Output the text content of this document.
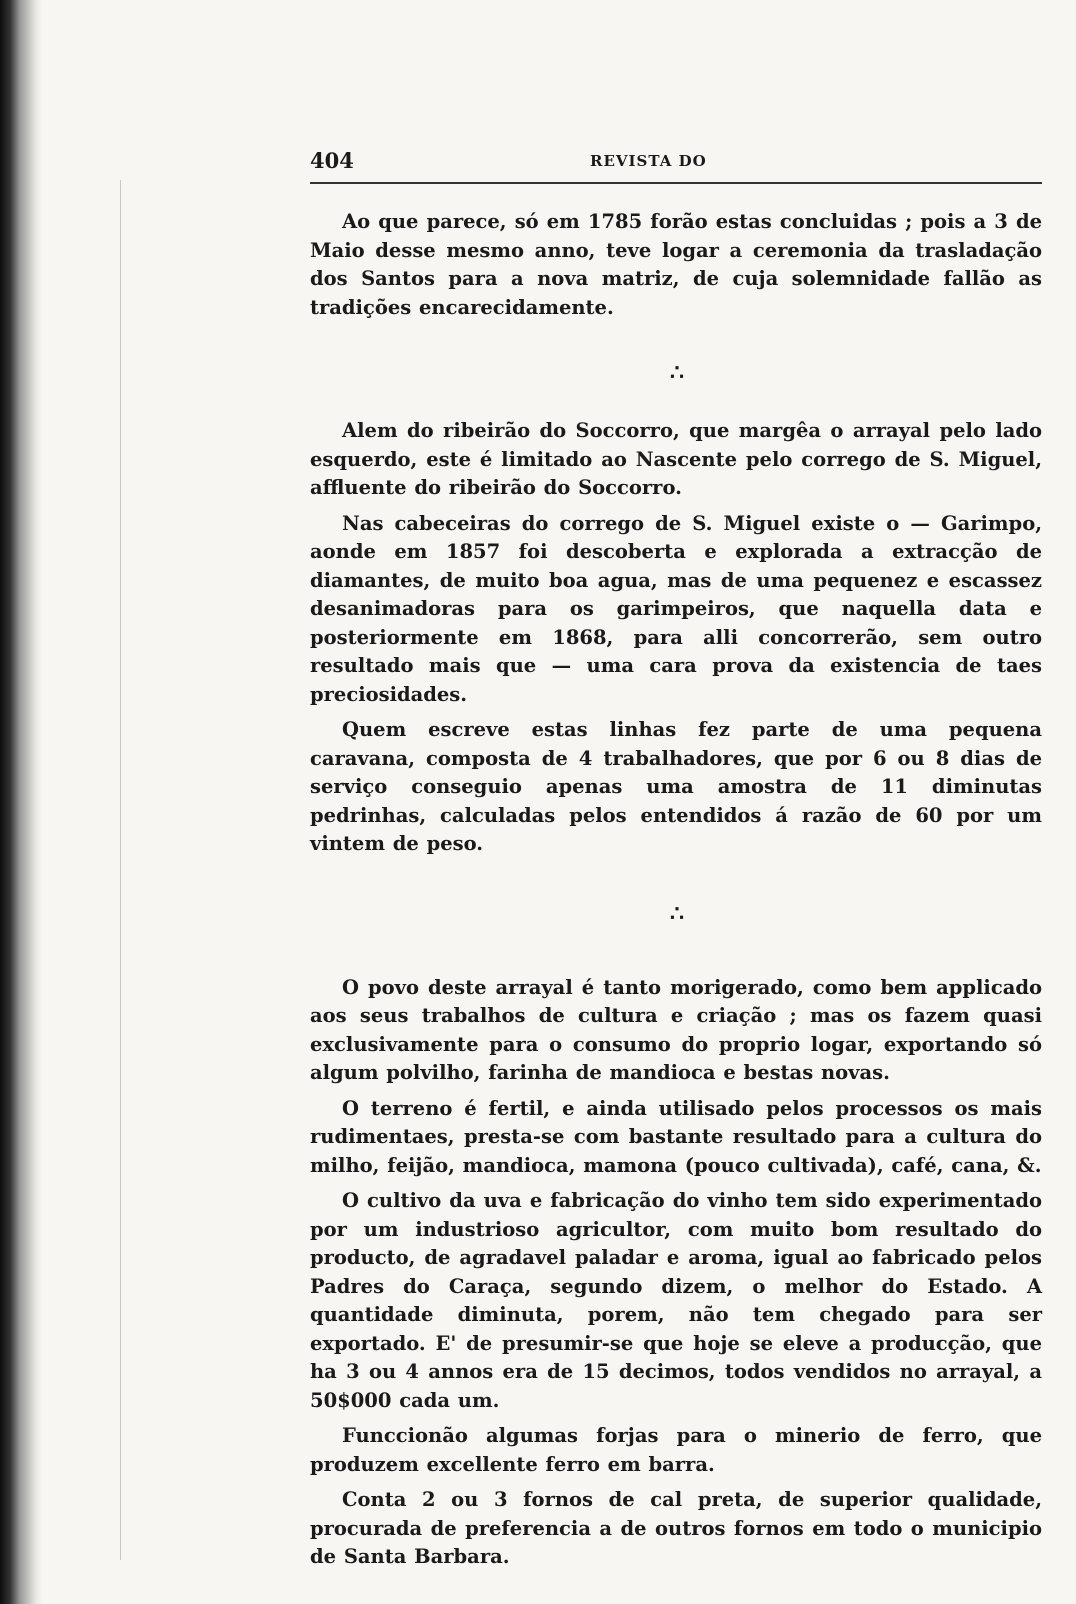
404	REVISTA DO

Ao que parece, só em 1785 forão estas concluidas ; pois a 3 de Maio desse mesmo anno, teve logar a ceremonia da trasladação dos Santos para a nova matriz, de cuja solemnidade fallão as tradições encarecidamente.

∴

Alem do ribeirão do Soccorro, que margêa o arrayal pelo lado esquerdo, este é limitado ao Nascente pelo corrego de S. Miguel, affluente do ribeirão do Soccorro.

Nas cabeceiras do corrego de S. Miguel existe o — Garimpo, aonde em 1857 foi descoberta e explorada a extracção de diamantes, de muito boa agua, mas de uma pequenez e escassez desanimadoras para os garimpeiros, que naquella data e posteriormente em 1868, para alli concorrerão, sem outro resultado mais que — uma cara prova da existencia de taes preciosidades.

Quem escreve estas linhas fez parte de uma pequena caravana, composta de 4 trabalhadores, que por 6 ou 8 dias de serviço conseguio apenas uma amostra de 11 diminutas pedrinhas, calculadas pelos entendidos á razão de 60 por um vintem de peso.

∴

O povo deste arrayal é tanto morigerado, como bem applicado aos seus trabalhos de cultura e criação ; mas os fazem quasi exclusivamente para o consumo do proprio logar, exportando só algum polvilho, farinha de mandioca e bestas novas.

O terreno é fertil, e ainda utilisado pelos processos os mais rudimentaes, presta-se com bastante resultado para a cultura do milho, feijão, mandioca, mamona (pouco cultivada), café, cana, &.

O cultivo da uva e fabricação do vinho tem sido experimentado por um industrioso agricultor, com muito bom resultado do producto, de agradavel paladar e aroma, igual ao fabricado pelos Padres do Caraça, segundo dizem, o melhor do Estado. A quantidade diminuta, porem, não tem chegado para ser exportado. E' de presumir-se que hoje se eleve a producção, que ha 3 ou 4 annos era de 15 decimos, todos vendidos no arrayal, a 50$000 cada um.

Funccionão algumas forjas para o minerio de ferro, que produzem excellente ferro em barra.

Conta 2 ou 3 fornos de cal preta, de superior qualidade, procurada de preferencia a de outros fornos em todo o municipio de Santa Barbara.
